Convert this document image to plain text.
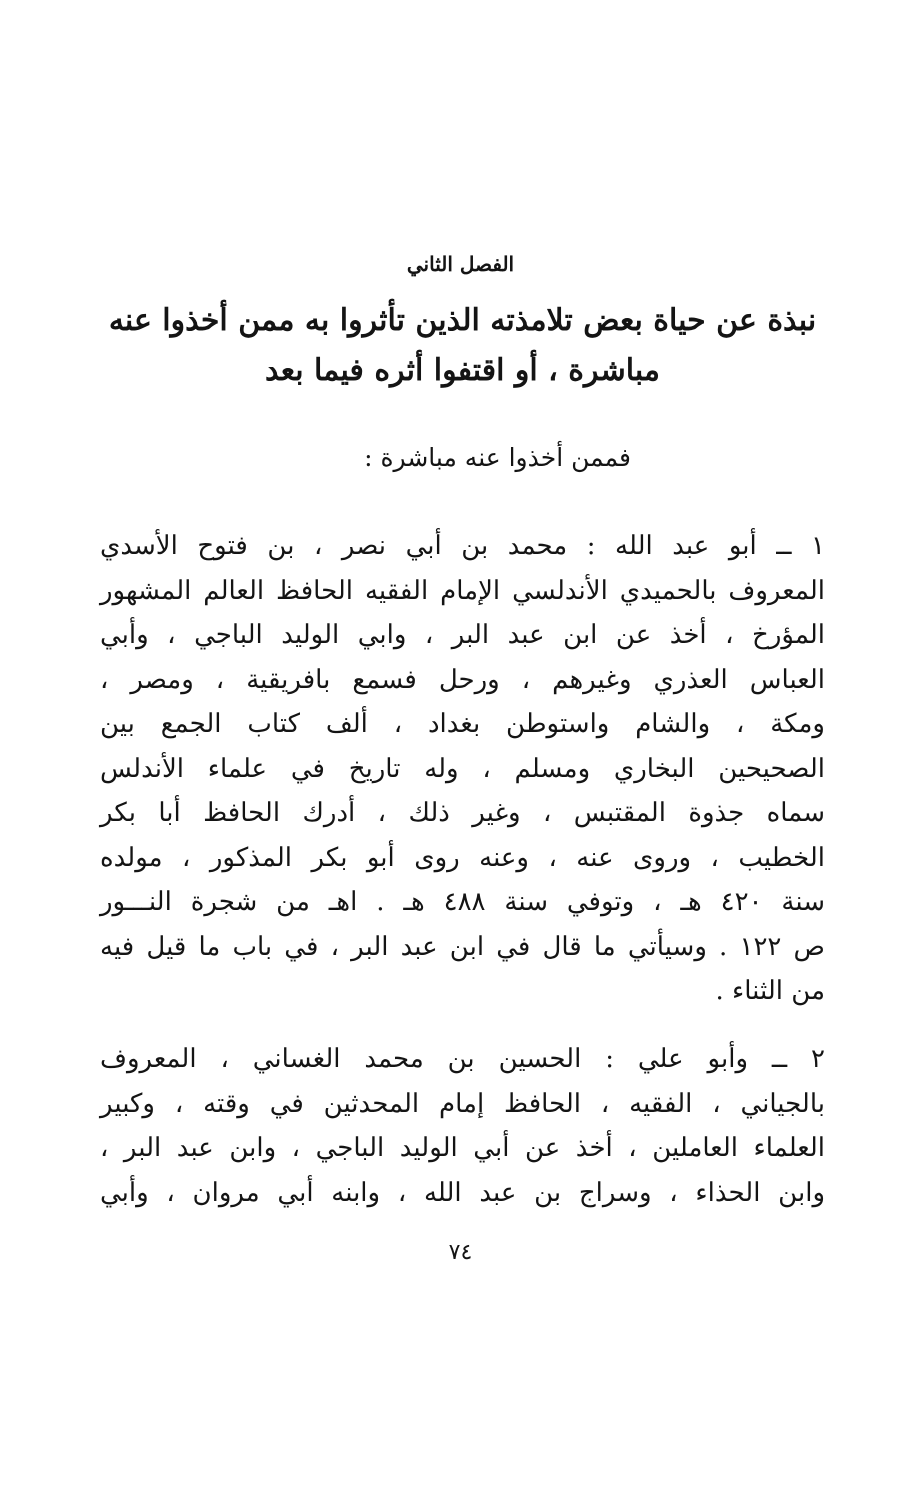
الفصل الثاني
نبذة عن حياة بعض تلامذته الذين تأثروا به ممن أخذوا عنه
مباشرة ، أو اقتفوا أثره فيما بعد
فممن أخذوا عنه مباشرة :
١ ــ أبو عبد الله : محمد بن أبي نصر ، بن فتوح الأسدي
المعروف بالحميدي الأندلسي الإمام الفقيه الحافظ العالم المشهور
المؤرخ ، أخذ عن ابن عبد البر ، وابي الوليد الباجي ، وأبي
العباس العذري وغيرهم ، ورحل فسمع بافريقية ، ومصر ،
ومكة ، والشام واستوطن بغداد ، ألف كتاب الجمع بين
الصحيحين البخاري ومسلم ، وله تاريخ في علماء الأندلس
سماه جذوة المقتبس ، وغير ذلك ، أدرك الحافظ أبا بكر
الخطيب ، وروى عنه ، وعنه روى أبو بكر المذكور ، مولده
سنة ٤٢٠ هـ ، وتوفي سنة ٤٨٨ هـ . اهـ من شجرة النـــور
ص ١٢٢ . وسيأتي ما قال في ابن عبد البر ، في باب ما قيل فيه
من الثناء .
٢ ــ وأبو علي : الحسين بن محمد الغساني ، المعروف
بالجياني ، الفقيه ، الحافظ إمام المحدثين في وقته ، وكبير
العلماء العاملين ، أخذ عن أبي الوليد الباجي ، وابن عبد البر ،
وابن الحذاء ، وسراج بن عبد الله ، وابنه أبي مروان ، وأبي
٧٤
